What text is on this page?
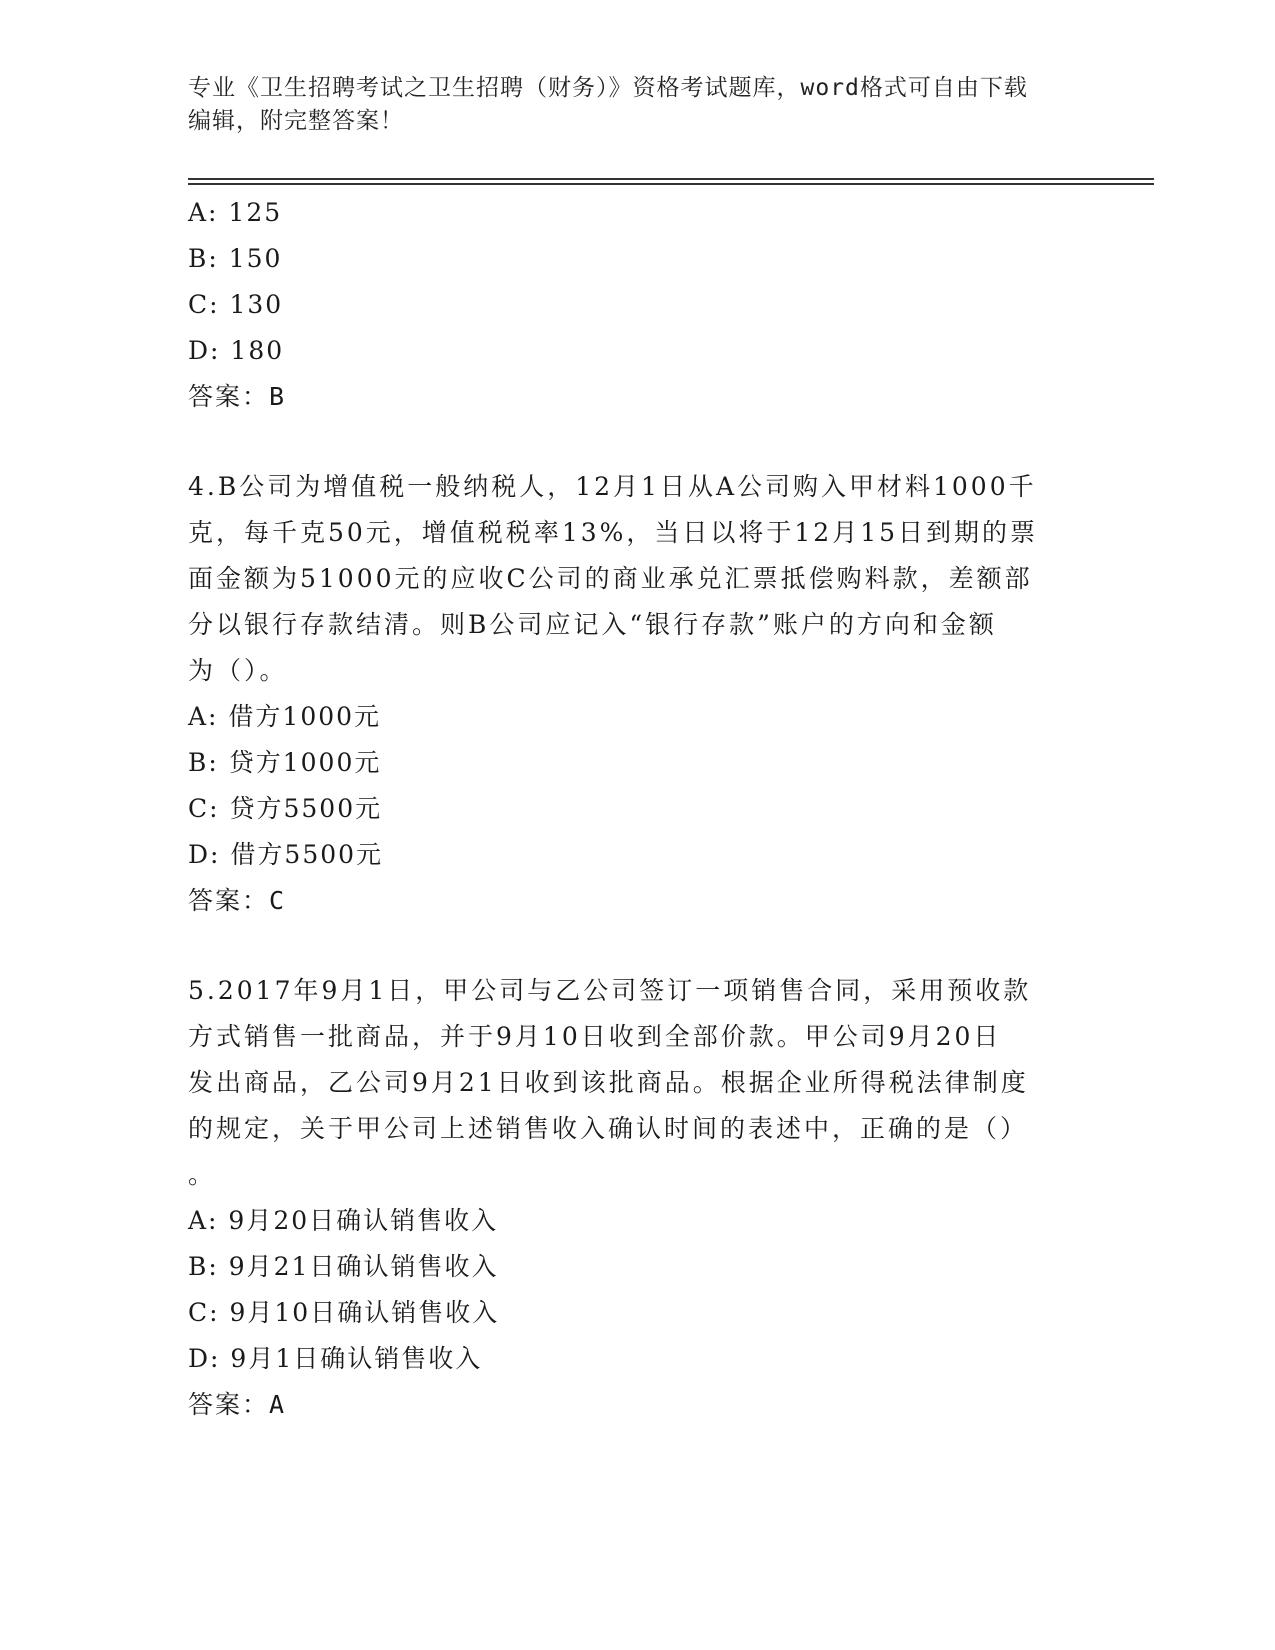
专业《卫生招聘考试之卫生招聘（财务）》资格考试题库，word格式可自由下载
编辑，附完整答案！
A: 125
B: 150
C: 130
D: 180
答案：B
4.B公司为增值税一般纳税人，12月1日从A公司购入甲材料1000千
克，每千克50元，增值税税率13%，当日以将于12月15日到期的票
面金额为51000元的应收C公司的商业承兑汇票抵偿购料款，差额部
分以银行存款结清。则B公司应记入“银行存款”账户的方向和金额
为（）。
A: 借方1000元
B: 贷方1000元
C: 贷方5500元
D: 借方5500元
答案：C
5.2017年9月1日，甲公司与乙公司签订一项销售合同，采用预收款
方式销售一批商品，并于9月10日收到全部价款。甲公司9月20日
发出商品，乙公司9月21日收到该批商品。根据企业所得税法律制度
的规定，关于甲公司上述销售收入确认时间的表述中，正确的是（）
。
A: 9月20日确认销售收入
B: 9月21日确认销售收入
C: 9月10日确认销售收入
D: 9月1日确认销售收入
答案：A
